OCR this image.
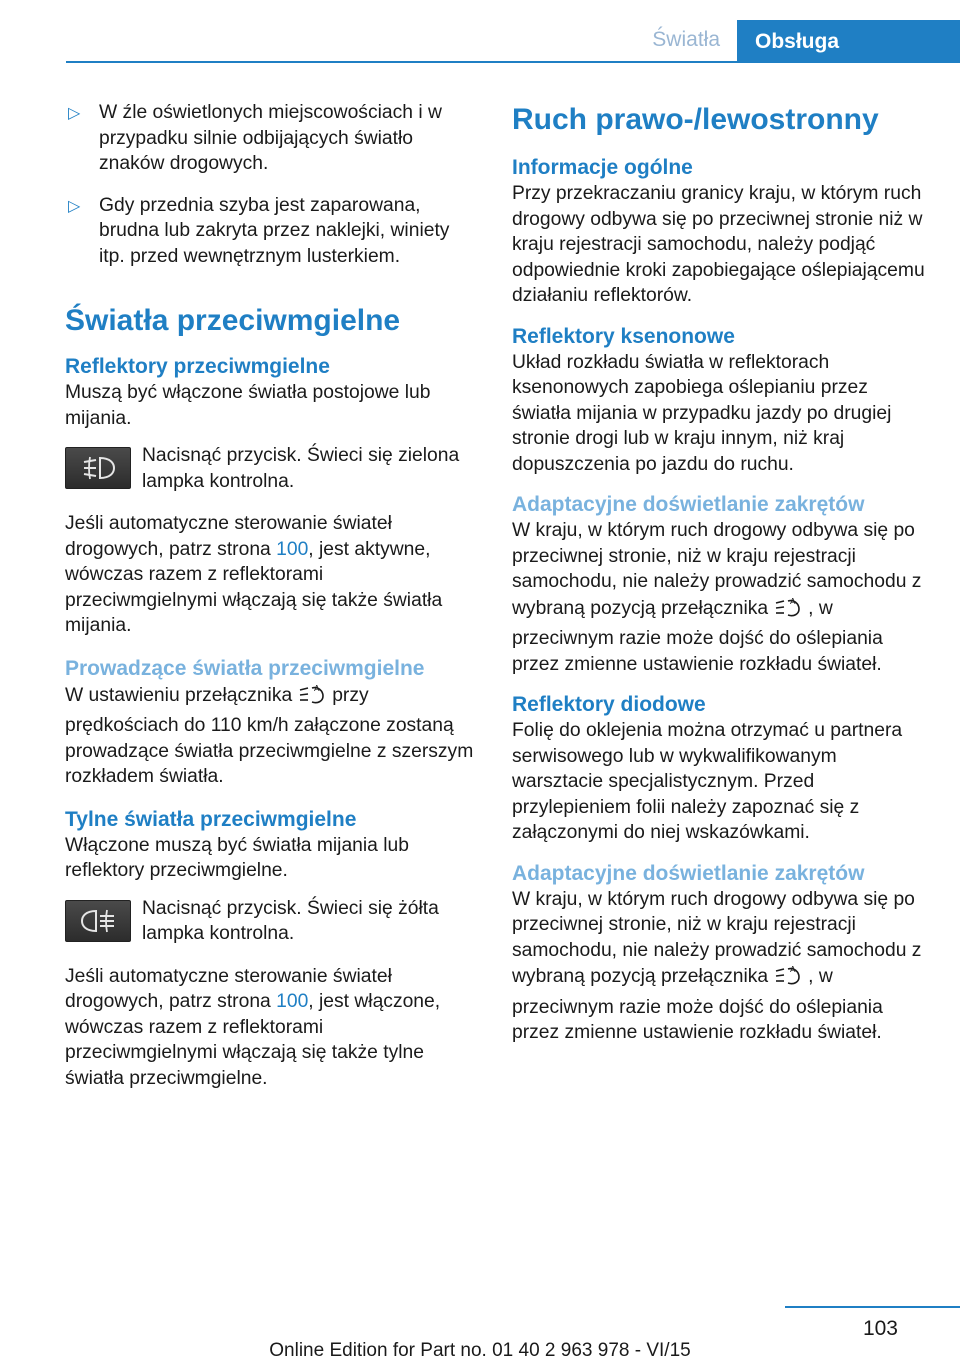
Światła	Obsługa
▷ W źle oświetlonych miejscowościach i w przypadku silnie odbijających światło znaków drogowych.
▷ Gdy przednia szyba jest zaparowana, brudna lub zakryta przez naklejki, winiety itp. przed wewnętrznym lusterkiem.
Światła przeciwmgielne
Reflektory przeciwmgielne

Muszą być włączone światła postojowe lub mijania.

Nacisnąć przycisk. Świeci się zielona lampka kontrolna.

Jeśli automatyczne sterowanie świateł drogowych, patrz strona 100, jest aktywne, wówczas razem z reflektorami przeciwmgielnymi włączają się także światła mijania.

Prowadzące światła przeciwmgielne

W ustawieniu przełącznika	A przy prędkościach do 110 km/h załączone zostaną prowadzące światła przeciwmgielne z szerszym rozkładem światła.

Tylne światła przeciwmgielne

Włączone muszą być światła mijania lub reflektory przeciwmgielne.

Nacisnąć przycisk. Świeci się żółta lampka kontrolna.

Jeśli automatyczne sterowanie świateł drogowych, patrz strona 100, jest włączone, wówczas razem z reflektorami przeciwmgielnymi włączają się także tylne światła przeciwmgielne.

Ruch prawo-/lewostronny
Informacje ogólne

Przy przekraczaniu granicy kraju, w którym ruch drogowy odbywa się po przeciwnej stronie niż w kraju rejestracji samochodu, należy podjąć odpowiednie kroki zapobiegające oślepiającemu działaniu reflektorów.

Reflektory ksenonowe

Układ rozkładu światła w reflektorach ksenonowych zapobiega oślepianiu przez światła mijania w przypadku jazdy po drugiej stronie drogi lub w kraju innym, niż kraj dopuszczenia po jazdu do ruchu.

Adaptacyjne doświetlanie zakrętów

W kraju, w którym ruch drogowy odbywa się po przeciwnej stronie, niż w kraju rejestracji samochodu, nie należy prowadzić samochodu z wybraną pozycją przełącznika	A , w przeciwnym razie może dojść do oślepiania przez zmienne ustawienie rozkładu świateł.

Reflektory diodowe

Folię do oklejenia można otrzymać u partnera serwisowego lub w wykwalifikowanym warsztacie specjalistycznym. Przed przylepieniem folii należy zapoznać się z załączonymi do niej wskazówkami.

Adaptacyjne doświetlanie zakrętów

W kraju, w którym ruch drogowy odbywa się po przeciwnej stronie, niż w kraju rejestracji samochodu, nie należy prowadzić samochodu z wybraną pozycją przełącznika	A , w przeciwnym razie może dojść do oślepiania przez zmienne ustawienie rozkładu świateł.

103
Online Edition for Part no. 01 40 2 963 978 - VI/15
